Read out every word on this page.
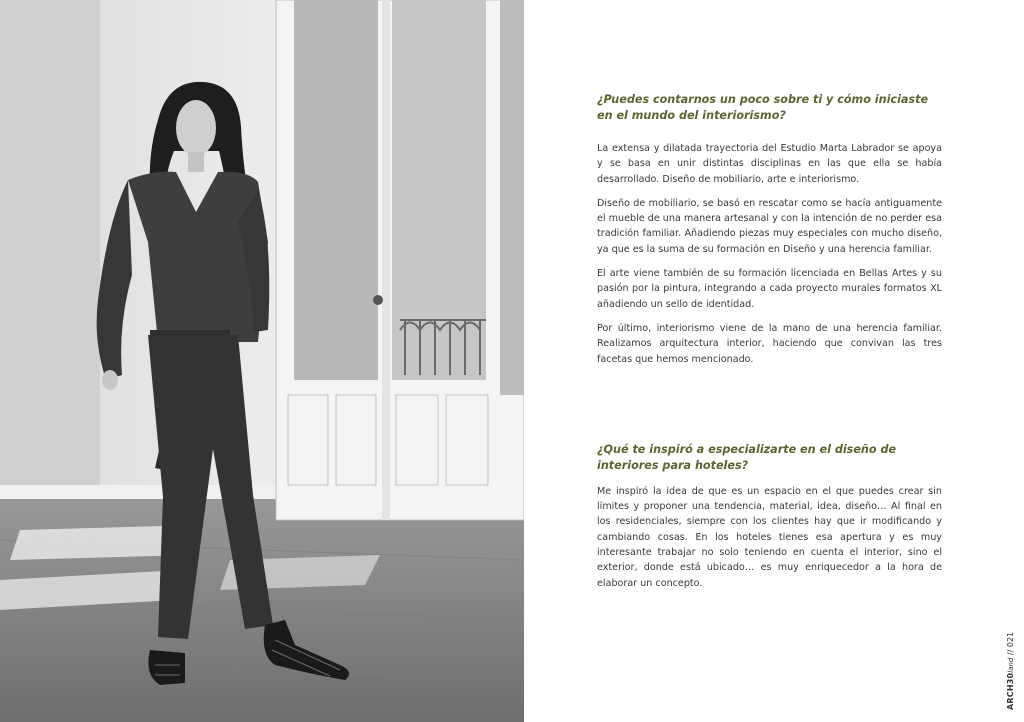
¿Puedes contarnos un poco sobre ti y cómo iniciaste en el mundo del interiorismo?

La extensa y dilatada trayectoria del Estudio Marta Labrador se apoya y se basa en unir distintas disciplinas en las que ella se había desarrollado. Diseño de mobiliario, arte e interiorismo.

Diseño de mobiliario, se basó en rescatar como se hacía antiguamente el mueble de una manera artesanal y con la intención de no perder esa tradición familiar. Añadiendo piezas muy especiales con mucho diseño, ya que es la suma de su formación en Diseño y una herencia familiar.

El arte viene también de su formación licenciada en Bellas Artes y su pasión por la pintura, integrando a cada proyecto murales formatos XL añadiendo un sello de identidad.

Por último, interiorismo viene de la mano de una herencia familiar. Realizamos arquitectura interior, haciendo que convivan las tres facetas que hemos mencionado.

¿Qué te inspiró a especializarte en el diseño de interiores para hoteles?

Me inspiró la idea de que es un espacio en el que puedes crear sin límites y proponer una tendencia, material, idea, diseño… Al final en los residenciales, siempre con los clientes hay que ir modificando y cambiando cosas. En los hoteles tienes esa apertura y es muy interesante trabajar no solo teniendo en cuenta el interior, sino el exterior, donde está ubicado… es muy enriquecedor a la hora de elaborar un concepto.

ARCH30land // 021
